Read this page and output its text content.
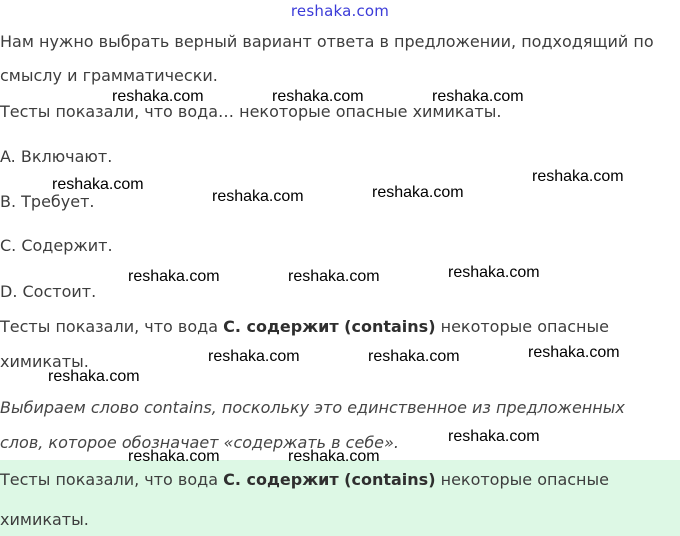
reshaka.com
Нам нужно выбрать верный вариант ответа в предложении, подходящий по
смыслу и грамматически.
Тесты показали, что вода… некоторые опасные химикаты.
A. Включают.
B. Требует.
C. Содержит.
D. Состоит.
Тесты показали, что вода C. содержит (contains) некоторые опасные
химикаты.
Выбираем слово contains, поскольку это единственное из предложенных
слов, которое обозначает «содержать в себе».
Тесты показали, что вода C. содержит (contains) некоторые опасные
химикаты.
reshaka.com	reshaka.com	reshaka.com
reshaka.com
reshaka.com	reshaka.com
reshaka.com
reshaka.com
reshaka.com	reshaka.com
reshaka.com
reshaka.com	reshaka.com
reshaka.com
reshaka.com
reshaka.com	reshaka.com
